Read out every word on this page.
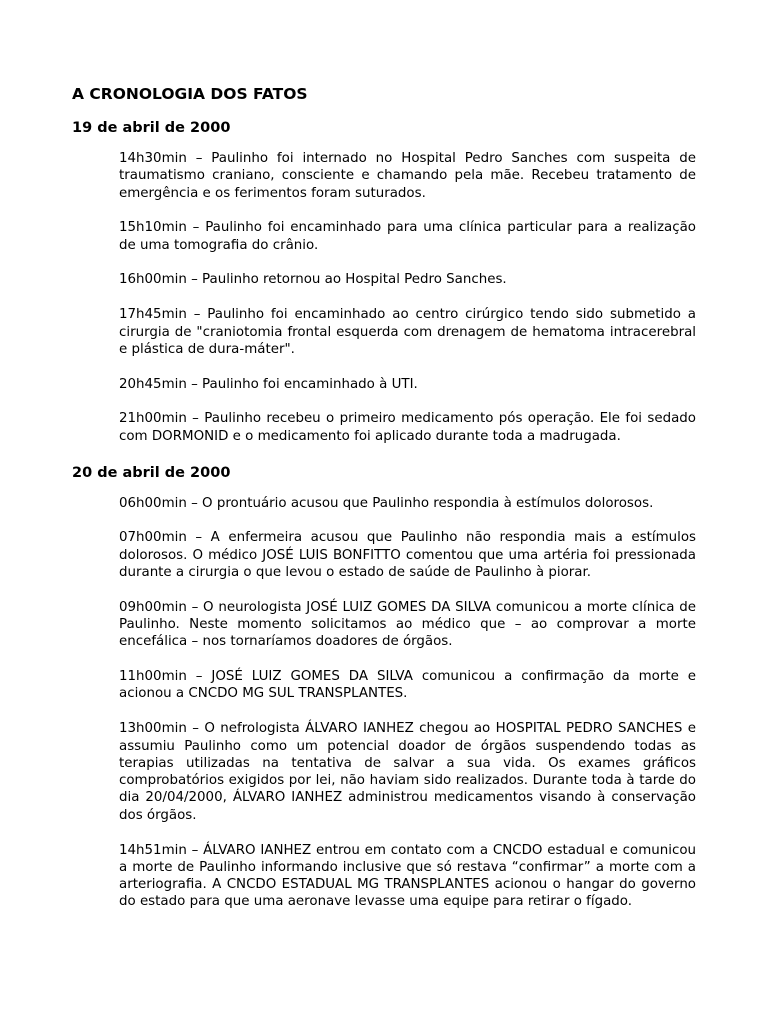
A CRONOLOGIA DOS FATOS
19 de abril de 2000

14h30min – Paulinho foi internado no Hospital Pedro Sanches com suspeita de traumatismo craniano, consciente e chamando pela mãe. Recebeu tratamento de emergência e os ferimentos foram suturados.

15h10min – Paulinho foi encaminhado para uma clínica particular para a realização de uma tomografia do crânio.

16h00min – Paulinho retornou ao Hospital Pedro Sanches.

17h45min – Paulinho foi encaminhado ao centro cirúrgico tendo sido submetido a cirurgia de "craniotomia frontal esquerda com drenagem de hematoma intracerebral e plástica de dura-máter".

20h45min – Paulinho foi encaminhado à UTI.

21h00min – Paulinho recebeu o primeiro medicamento pós operação. Ele foi sedado com DORMONID e o medicamento foi aplicado durante toda a madrugada.

20 de abril de 2000

06h00min – O prontuário acusou que Paulinho respondia à estímulos dolorosos.

07h00min – A enfermeira acusou que Paulinho não respondia mais a estímulos dolorosos. O médico JOSÉ LUIS BONFITTO comentou que uma artéria foi pressionada durante a cirurgia o que levou o estado de saúde de Paulinho à piorar.

09h00min – O neurologista JOSÉ LUIZ GOMES DA SILVA comunicou a morte clínica de Paulinho. Neste momento solicitamos ao médico que – ao comprovar a morte encefálica – nos tornaríamos doadores de órgãos.

11h00min – JOSÉ LUIZ GOMES DA SILVA comunicou a confirmação da morte e acionou a CNCDO MG SUL TRANSPLANTES.

13h00min – O nefrologista ÁLVARO IANHEZ chegou ao HOSPITAL PEDRO SANCHES e assumiu Paulinho como um potencial doador de órgãos suspendendo todas as terapias utilizadas na tentativa de salvar a sua vida. Os exames gráficos comprobatórios exigidos por lei, não haviam sido realizados. Durante toda à tarde do dia 20/04/2000, ÁLVARO IANHEZ administrou medicamentos visando à conservação dos órgãos.

14h51min – ÁLVARO IANHEZ entrou em contato com a CNCDO estadual e comunicou a morte de Paulinho informando inclusive que só restava “confirmar” a morte com a arteriografia. A CNCDO ESTADUAL MG TRANSPLANTES acionou o hangar do governo do estado para que uma aeronave levasse uma equipe para retirar o fígado.
